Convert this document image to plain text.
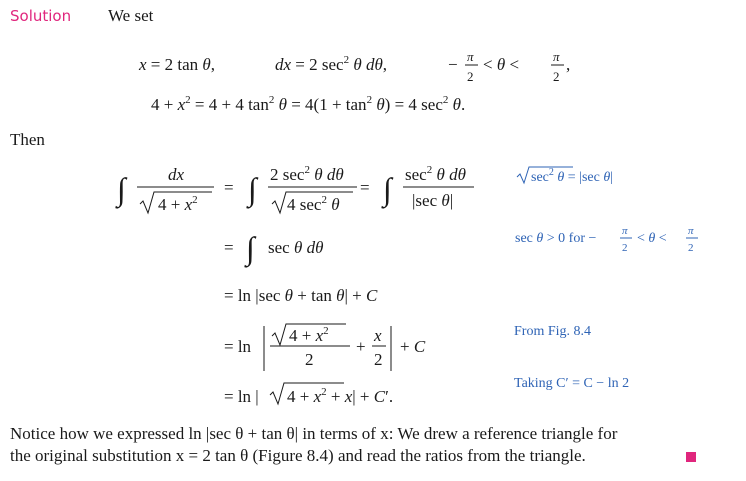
Solution We set
x = 2 tan θ,	dx = 2 $\sec^2 \theta$ dθ,	− π
2
< θ <	π
2
,
$4 + x^2 = 4 + 4$ $\tan^2 \theta = 4(1 + \tan^2 \theta) = 4$ $\sec^2 \theta$.
∫ dx
$4 + x^2$
= ∫ 2 $\sec^2 \theta$ dθ
4 $\sec^2 \theta$
= ∫ $\sec^2 \theta$ dθ
|sec θ|
= ∫ sec θ dθ
= ln |sec θ + tan θ| + C
= ln
$4 + x^2$
2
+
x
2
+ C
= ln | $4 + x^2 + x| + C'$.
$\sec^2 \theta = |\sec$ θ|
sec θ > 0 for − π
2
< θ < π
2
Then
From Fig. 8.4
Taking C′ = C − ln 2
Notice how we expressed ln |sec θ + tan θ| in terms of x: We drew a reference triangle for
the original substitution x = 2 tan θ (Figure 8.4) and read the ratios from the triangle.
